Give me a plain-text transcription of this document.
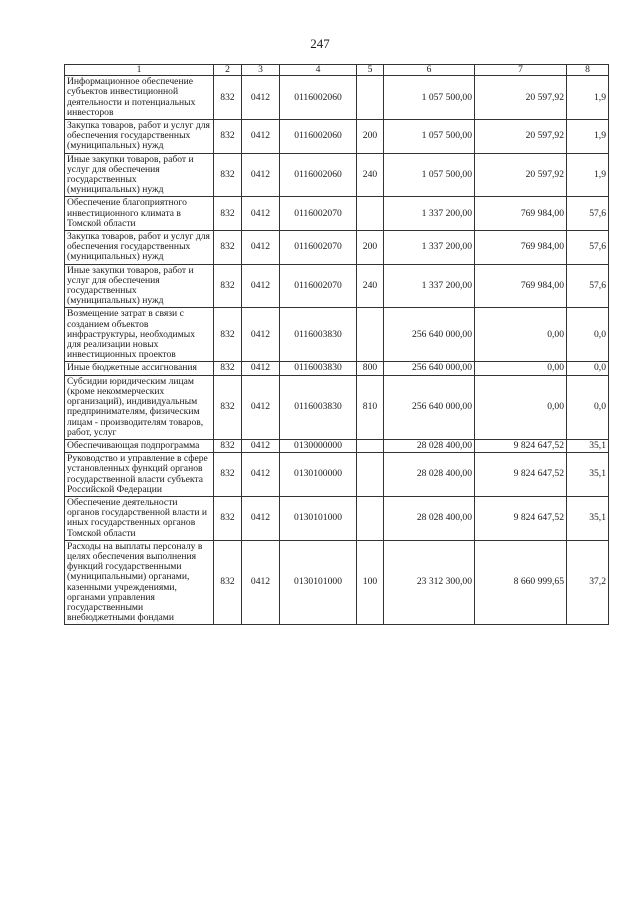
247
1	2	3	4	5	6	7	8
Информационное обеспечение субъектов инвестиционной деятельности и потенциальных инвесторов	832	0412	0116002060		1 057 500,00	20 597,92	1,9
Закупка товаров, работ и услуг для обеспечения государственных (муниципальных) нужд	832	0412	0116002060	200	1 057 500,00	20 597,92	1,9
Иные закупки товаров, работ и услуг для обеспечения государственных (муниципальных) нужд	832	0412	0116002060	240	1 057 500,00	20 597,92	1,9
Обеспечение благоприятного инвестиционного климата в Томской области	832	0412	0116002070		1 337 200,00	769 984,00	57,6
Закупка товаров, работ и услуг для обеспечения государственных (муниципальных) нужд	832	0412	0116002070	200	1 337 200,00	769 984,00	57,6
Иные закупки товаров, работ и услуг для обеспечения государственных (муниципальных) нужд	832	0412	0116002070	240	1 337 200,00	769 984,00	57,6
Возмещение затрат в связи с созданием объектов инфраструктуры, необходимых для реализации новых инвестиционных проектов	832	0412	0116003830		256 640 000,00	0,00	0,0
Иные бюджетные ассигнования	832	0412	0116003830	800	256 640 000,00	0,00	0,0
Субсидии юридическим лицам (кроме некоммерческих организаций), индивидуальным предпринимателям, физическим лицам - производителям товаров, работ, услуг	832	0412	0116003830	810	256 640 000,00	0,00	0,0
Обеспечивающая подпрограмма	832	0412	0130000000		28 028 400,00	9 824 647,52	35,1
Руководство и управление в сфере установленных функций органов государственной власти субъекта Российской Федерации	832	0412	0130100000		28 028 400,00	9 824 647,52	35,1
Обеспечение деятельности органов государственной власти и иных государственных органов Томской области	832	0412	0130101000		28 028 400,00	9 824 647,52	35,1
Расходы на выплаты персоналу в целях обеспечения выполнения функций государственными (муниципальными) органами, казенными учреждениями, органами управления государственными внебюджетными фондами	832	0412	0130101000	100	23 312 300,00	8 660 999,65	37,2
